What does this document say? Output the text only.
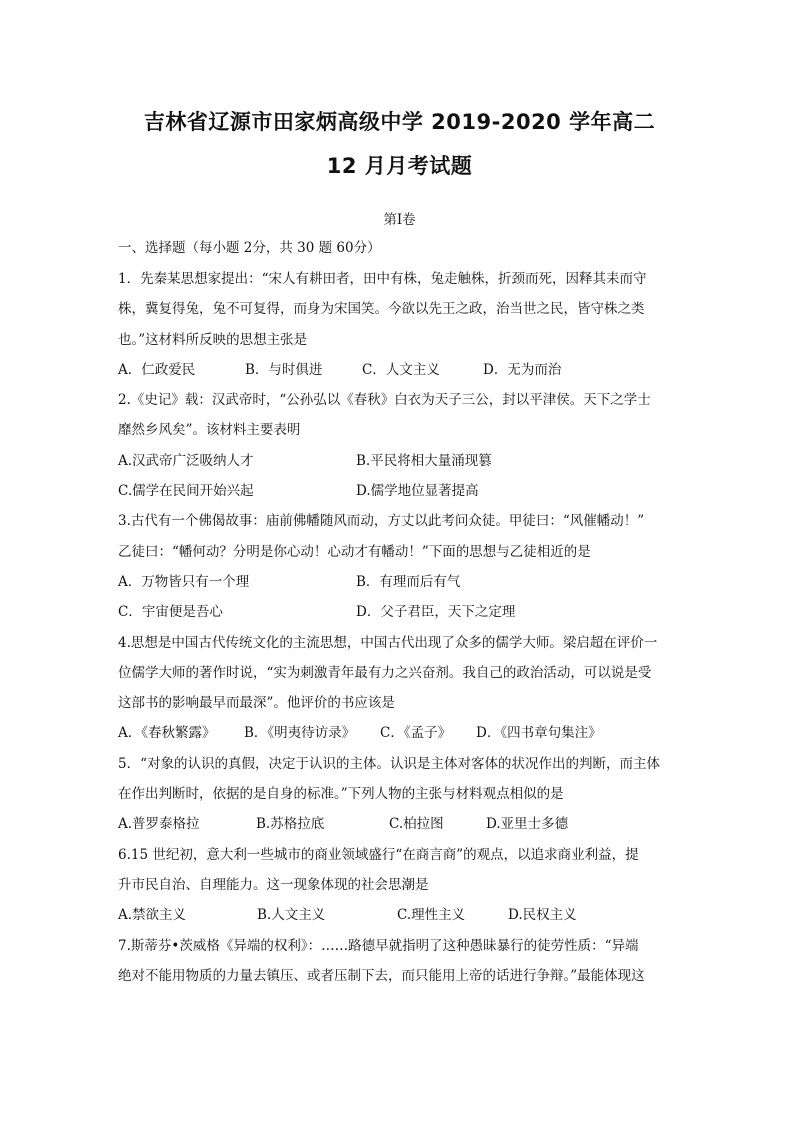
吉林省辽源市田家炳高级中学 2019-2020 学年高二
12 月月考试题
第Ⅰ卷
一、选择题（每小题 2分，共 30 题 60分）
1．先秦某思想家提出：“宋人有耕田者，田中有株，兔走触株，折颈而死，因释其耒而守
株，冀复得兔，兔不可复得，而身为宋国笑。今欲以先王之政，治当世之民，皆守株之类
也。”这材料所反映的思想主张是
A．仁政爱民	B．与时俱进	C．人文主义	D．无为而治
2.《史记》载：汉武帝时，“公孙弘以《春秋》白衣为天子三公，封以平津侯。天下之学士
靡然乡风矣”。该材料主要表明
A.汉武帝广泛吸纳人才	B.平民将相大量涌现篡
C.儒学在民间开始兴起	D.儒学地位显著提高
3.古代有一个佛偈故事：庙前佛幡随风而动，方丈以此考问众徒。甲徒曰：“风催幡动！”
乙徒曰：“幡何动？分明是你心动！心动才有幡动！”下面的思想与乙徒相近的是
A．万物皆只有一个理	B．有理而后有气
C．宇宙便是吾心	D．父子君臣，天下之定理
4.思想是中国古代传统文化的主流思想，中国古代出现了众多的儒学大师。梁启超在评价一
位儒学大师的著作时说，“实为刺激青年最有力之兴奋剂。我自己的政治活动，可以说是受
这部书的影响最早而最深”。他评价的书应该是
A．《春秋繁露》	B．《明夷待访录》	C．《孟子》	D．《四书章句集注》
5．“对象的认识的真假，决定于认识的主体。认识是主体对客体的状况作出的判断，而主体
在作出判断时，依据的是自身的标准。”下列人物的主张与材料观点相似的是
A.普罗泰格拉	B.苏格拉底	C.柏拉图	D.亚里士多德
6.15 世纪初，意大利一些城市的商业领域盛行“在商言商”的观点，以追求商业利益，提
升市民自治、自理能力。这一现象体现的社会思潮是
A.禁欲主义	B.人文主义	C.理性主义	D.民权主义
7.斯蒂芬•茨威格《异端的权利》：……路德早就指明了这种愚昧暴行的徒劳性质：“异端
绝对不能用物质的力量去镇压、或者压制下去，而只能用上帝的话进行争辩。”最能体现这
